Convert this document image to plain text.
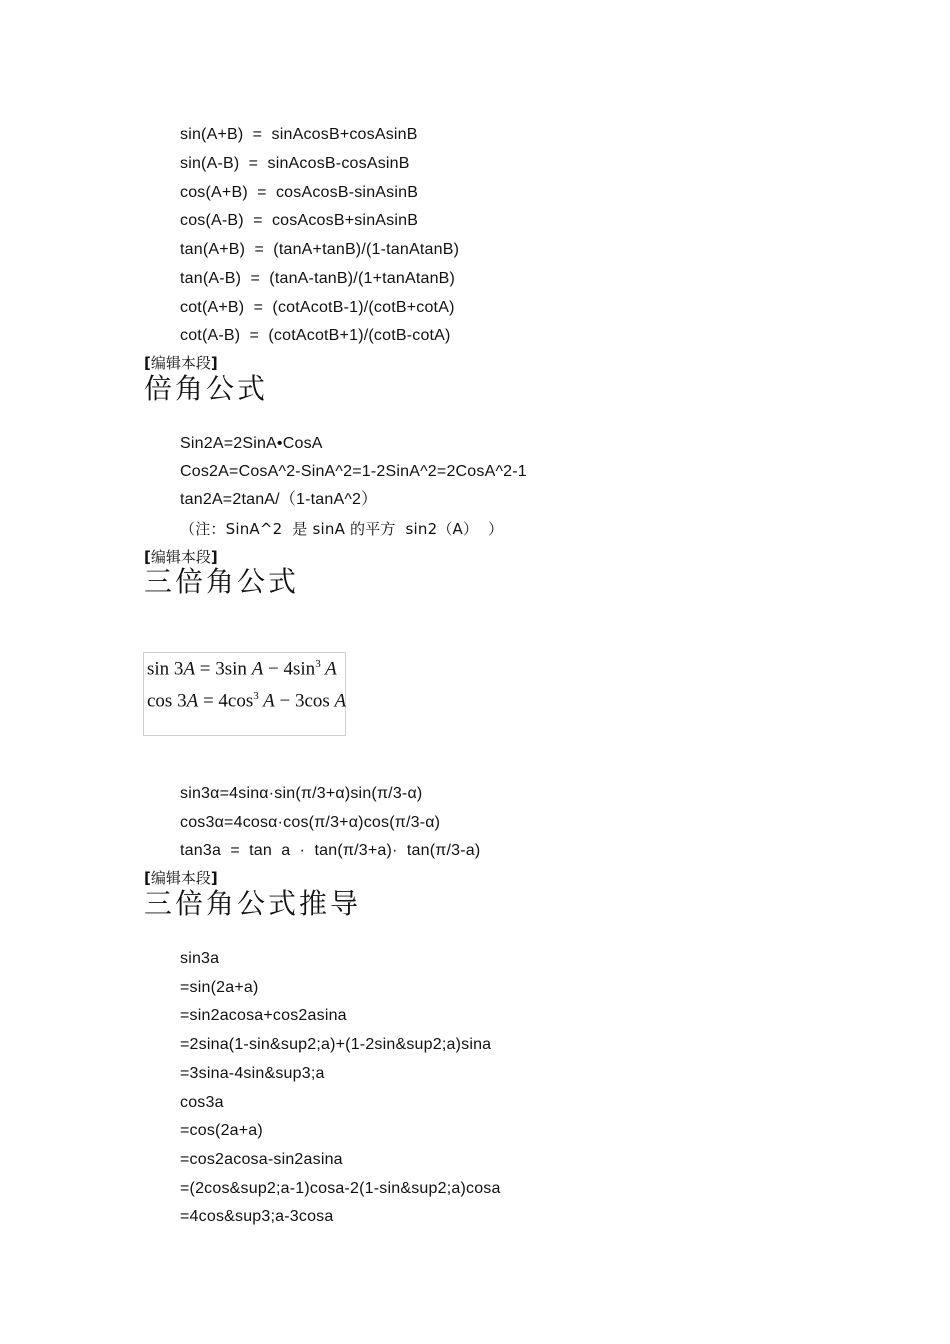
sin(A+B)  =  sinAcosB+cosAsinB
sin(A-B)  =  sinAcosB-cosAsinB
cos(A+B)  =  cosAcosB-sinAsinB
cos(A-B)  =  cosAcosB+sinAsinB
tan(A+B)  =  (tanA+tanB)/(1-tanAtanB)
tan(A-B)  =  (tanA-tanB)/(1+tanAtanB)
cot(A+B)  =  (cotAcotB-1)/(cotB+cotA)
cot(A-B)  =  (cotAcotB+1)/(cotB-cotA)
[编辑本段]
倍角公式
Sin2A=2SinA•CosA
Cos2A=CosA^2-SinA^2=1-2SinA^2=2CosA^2-1
tan2A=2tanA/（1-tanA^2）
（注：SinA^2  是 sinA 的平方  sin2（A）  ）
[编辑本段]
三倍角公式
sin 3A = 3sin $A - 4\sin^3$ A
$\cos 3A = 4\cos^3$ A − 3cos A
sin3α=4sinα·sin(π/3+α)sin(π/3-α)
cos3α=4cosα·cos(π/3+α)cos(π/3-α)
tan3a  =  tan  a  ·  tan(π/3+a)·  tan(π/3-a)
[编辑本段]
三倍角公式推导
sin3a
=sin(2a+a)
=sin2acosa+cos2asina
=2sina(1-sin&sup2;a)+(1-2sin&sup2;a)sina
=3sina-4sin&sup3;a
cos3a
=cos(2a+a)
=cos2acosa-sin2asina
=(2cos&sup2;a-1)cosa-2(1-sin&sup2;a)cosa
=4cos&sup3;a-3cosa
